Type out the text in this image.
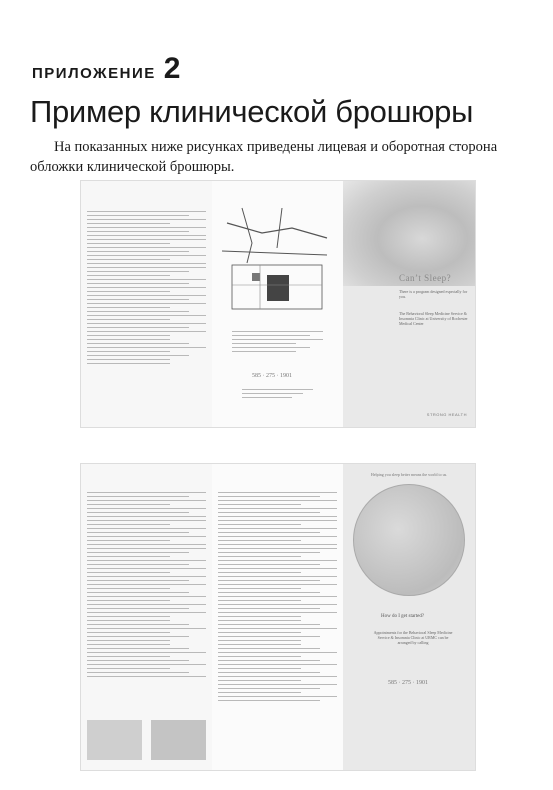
ПРИЛОЖЕНИЕ 2
Пример клинической брошюры

На показанных ниже рисунках приведены лицевая и оборотная сторона обложки клинической брошюры.

585 · 275 · 1901
Can’t Sleep?
There is a program designed especially for you.
The Behavioral Sleep Medicine Service & Insomnia Clinic at University of Rochester Medical Center
STRONG HEALTH
Helping you sleep better means the world to us.
How do I get started?
Appointments for the Behavioral Sleep Medicine Service & Insomnia Clinic at URMC can be arranged by calling
585 · 275 · 1901
